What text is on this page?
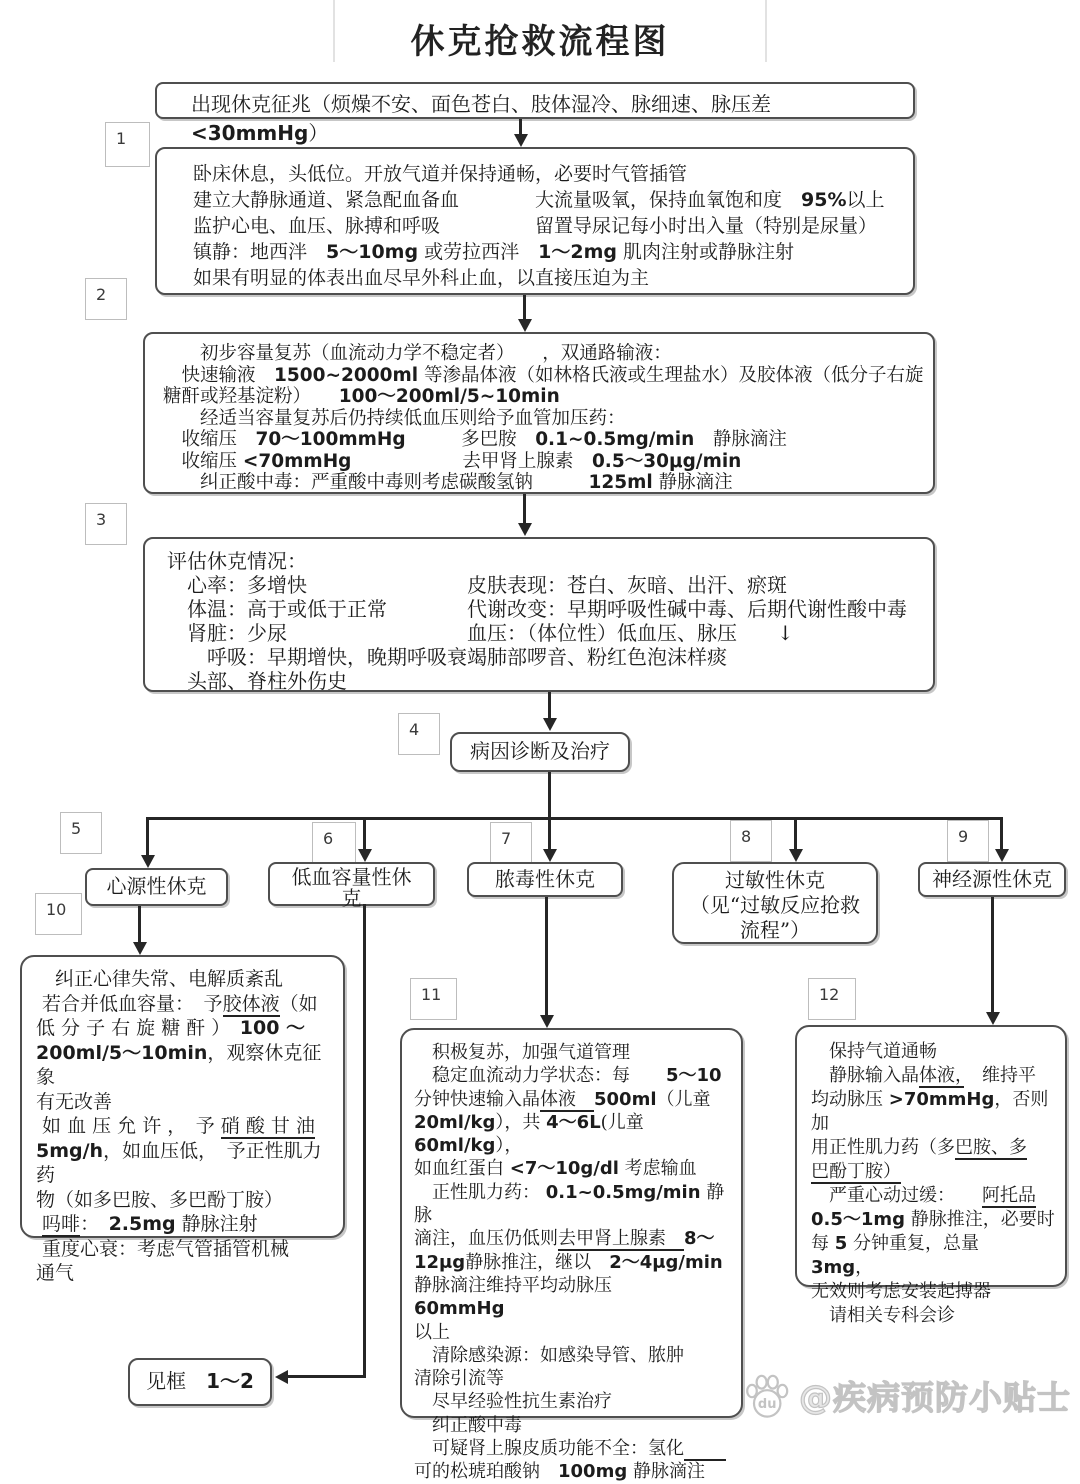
休克抢救流程图
出现休克征兆（烦燥不安、面色苍白、肢体湿冷、脉细速、脉压差　　　<30mmHg）
1
卧床休息，头低位。开放气道并保持通畅，必要时气管插管
建立大静脉通道、紧急配血备血　　　　大流量吸氧，保持血氧饱和度　95%以上
监护心电、血压、脉搏和呼吸　　　　　留置导尿记每小时出入量（特别是尿量）
镇静：地西泮　5～10mg 或劳拉西泮　1～2mg 肌肉注射或静脉注射
如果有明显的体表出血尽早外科止血，以直接压迫为主
2
　　初步容量复苏（血流动力学不稳定者）　　，双通路输液：
　快速输液　1500~2000ml 等渗晶体液（如林格氏液或生理盐水）及胶体液（低分子右旋
糖酐或羟基淀粉）　　100～200ml/5~10min
　　经适当容量复苏后仍持续低血压则给予血管加压药：
　收缩压　70～100mmHg　　　多巴胺　0.1~0.5mg/min　静脉滴注
　收缩压 <70mmHg　　　　　　去甲肾上腺素　0.5～30μg/min
　　纠正酸中毒：严重酸中毒则考虑碳酸氢钠　　　125ml 静脉滴注
3
评估休克情况：
　心率：多增快　　　　　　　　皮肤表现：苍白、灰暗、出汗、瘀斑
　体温：高于或低于正常　　　　代谢改变：早期呼吸性碱中毒、后期代谢性酸中毒
　肾脏：少尿　　　　　　　　　血压：（体位性）低血压、脉压　　↓
　　呼吸：早期增快，晚期呼吸衰竭肺部啰音、粉红色泡沫样痰
　头部、脊柱外伤史
4
病因诊断及治疗
5
6	7	8	9
心源性休克	低血容量性休克
脓毒性休克	过敏性休克
（见“过敏反应抢救
流程”）
神经源性休克
10
11	12
　纠正心律失常、电解质紊乱
若合并低血容量：　予胶体液（如
低 分 子 右 旋 糖 酐 ）　100 ～
200ml/5～10min，观察休克征象
有无改善
如 血 压 允 许 ，　予 硝 酸 甘 油
5mg/h，如血压低，　予正性肌力药
物（如多巴胺、多巴酚丁胺）
吗啡：　2.5mg 静脉注射
重度心衰：考虑气管插管机械
通气
　积极复苏，加强气道管理
　稳定血流动力学状态：每　　5～10
分钟快速输入晶体液　500ml（儿童
20ml/kg），共 4～6L(儿童 60ml/kg），
如血红蛋白 <7～10g/dl 考虑输血
　正性肌力药： 0.1~0.5mg/min 静脉
滴注，血压仍低则去甲肾上腺素　8～
12μg静脉推注，继以　2～4μg/min
静脉滴注维持平均动脉压　　60mmHg
以上
　清除感染源：如感染导管、脓肿
清除引流等
　尽早经验性抗生素治疗
　纠正酸中毒
　可疑肾上腺皮质功能不全：氢化　　
可的松琥珀酸钠　100mg 静脉滴注
　保持气道通畅
　静脉输入晶体液，　维持平
均动脉压 >70mmHg，否则加
用正性肌力药（多巴胺、多
巴酚丁胺）
　严重心动过缓：　　阿托品
0.5～1mg 静脉推注，必要时
每 5 分钟重复，总量　3mg，
无效则考虑安装起搏器
　请相关专科会诊
见框　1～2
du @疾病预防小贴士
